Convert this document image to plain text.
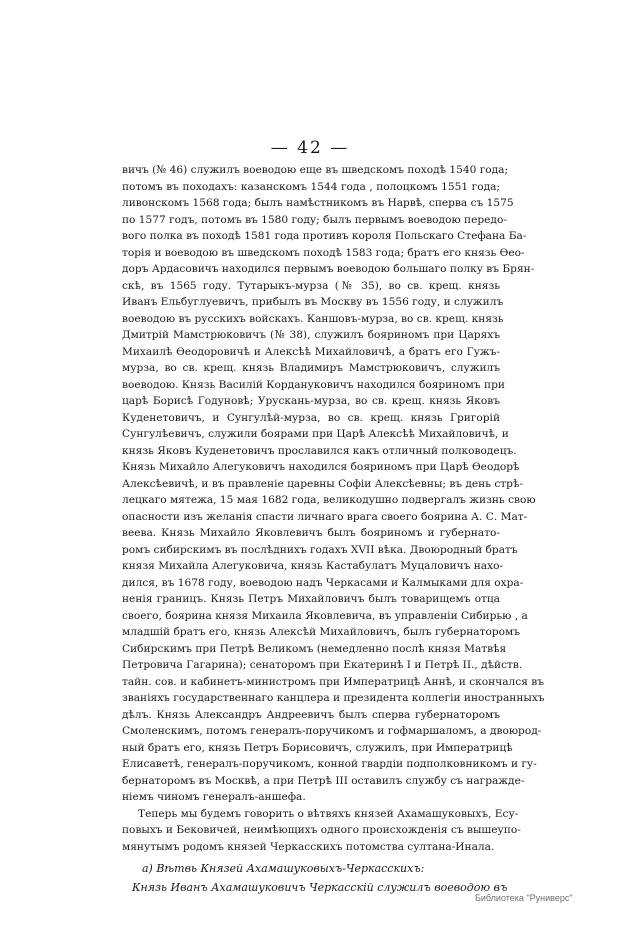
— 42 —
вичъ (№ 46) служилъ воеводою еще въ шведскомъ походѣ 1540 года;
потомъ въ походахъ: казанскомъ 1544 года , полоцкомъ 1551 года;
ливонскомъ 1568 года; былъ намѣстникомъ въ Нарвѣ, сперва съ 1575
по 1577 годъ, потомъ въ 1580 году; былъ первымъ воеводою передо-
вого полка въ походѣ 1581 года противъ короля Польскаго Стефана Ба-
торія и воеводою въ шведскомъ походѣ 1583 года; братъ его князь Ѳео-
доръ Ардасовичъ находился первымъ воеводою большаго полку въ Брян-
скѣ, въ 1565 году. Тутарыкъ-мурза (№ 35), во св. крещ. князь
Иванъ Ельбуглуевичъ, прибылъ въ Москву въ 1556 году, и служилъ
воеводою въ русскихъ войскахъ. Каншовъ-мурза, во св. крещ. князь
Дмитрій Мамстрюковичъ (№ 38), служилъ бояриномъ при Царяхъ
Михаилѣ Ѳеодоровичѣ и Алексѣѣ Михайловичѣ, а братъ его Гужъ-
мурза, во св. крещ. князь Владимиръ Мамстрюковичъ, служилъ
воеводою. Князь Василій Кордануковичъ находился бояриномъ при
царѣ Борисѣ Годуновѣ; Урускань-мурза, во св. крещ. князь Яковъ
Куденетовичъ, и Сунгулѣй-мурза, во св. крещ. князь Григорій
Сунгулѣевичъ, служили боярами при Царѣ Алексѣѣ Михайловичѣ, и
князь Яковъ Куденетовичъ прославился какъ отличный полководецъ.
Князь Михайло Алегуковичъ находился бояриномъ при Царѣ Ѳеодорѣ
Алексѣевичѣ, и въ правленіе царевны Софіи Алексѣевны; въ день стрѣ-
лецкаго мятежа, 15 мая 1682 года, великодушно подвергалъ жизнь свою
опасности изъ желанія спасти личнаго врага своего боярина А. С. Мат-
веева. Князь Михайло Яковлевичъ былъ бояриномъ и губернато-
ромъ сибирскимъ въ послѣднихъ годахъ XVII вѣка. Двоюродный братъ
князя Михайла Алегуковича, князь Кастабулатъ Муцаловичъ нахо-
дился, въ 1678 году, воеводою надъ Черкасами и Калмыками для охра-
ненія границъ. Князь Петръ Михайловичъ былъ товарищемъ отца
своего, боярина князя Михаила Яковлевича, въ управленіи Сибирью , а
младшій братъ его, князь Алексѣй Михайловичъ, былъ губернаторомъ
Сибирскимъ при Петрѣ Великомъ (немедленно послѣ князя Матвѣя
Петровича Гагарина); сенаторомъ при Екатеринѣ I и Петрѣ II., дѣйств.
тайн. сов. и кабинетъ-министромъ при Императрицѣ Аннѣ, и скончался въ
званіяхъ государственнаго канцлера и президента коллегіи иностранныхъ
дѣлъ. Князь Александръ Андреевичъ былъ сперва губернаторомъ
Смоленскимъ, потомъ генералъ-поручикомъ и гофмаршаломъ, а двоюрод-
ный братъ его, князь Петръ Борисовичъ, служилъ, при Императрицѣ
Елисаветѣ, генералъ-поручикомъ, конной гвардіи подполковникомъ и гу-
бернаторомъ въ Москвѣ, а при Петрѣ III оставилъ службу съ награжде-
ніемъ чиномъ генералъ-аншефа.
Теперь мы будемъ говорить о вѣтвяхъ князей Ахамашуковыхъ, Есу-
повыхъ и Бековичей, неимѣющихъ одного происхожденія съ вышеупо-
мянутымъ родомъ князей Черкасскихъ потомства султана-Инала.
а) Вѣтвь Князей Ахамашуковыхъ-Черкасскихъ:
Князь Иванъ Ахамашуковичъ Черкасскій служилъ воеводою въ
Библиотека "Руниверс"
